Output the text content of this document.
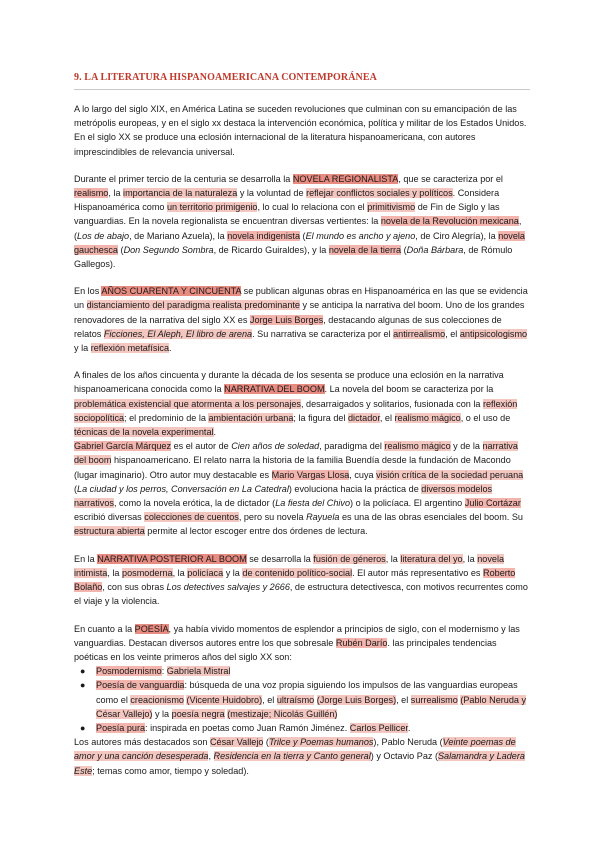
9. LA LITERATURA HISPANOAMERICANA CONTEMPORÁNEA

A lo largo del siglo XIX, en América Latina se suceden revoluciones que culminan con su emancipación de las metrópolis europeas, y en el siglo xx destaca la intervención económica, política y militar de los Estados Unidos. En el siglo XX se produce una eclosión internacional de la literatura hispanoamericana, con autores imprescindibles de relevancia universal.

Durante el primer tercio de la centuria se desarrolla la NOVELA REGIONALISTA, que se caracteriza por el realismo, la importancia de la naturaleza y la voluntad de reflejar conflictos sociales y políticos. Considera Hispanoamérica como un territorio primigenio, lo cual lo relaciona con el primitivismo de Fin de Siglo y las vanguardias. En la novela regionalista se encuentran diversas vertientes: la novela de la Revolución mexicana, (Los de abajo, de Mariano Azuela), la novela indigenista (El mundo es ancho y ajeno, de Ciro Alegría), la novela gauchesca (Don Segundo Sombra, de Ricardo Guiraldes), y la novela de la tierra (Doña Bárbara, de Rómulo Gallegos).

En los AÑOS CUARENTA Y CINCUENTA se publican algunas obras en Hispanoamérica en las que se evidencia un distanciamiento del paradigma realista predominante y se anticipa la narrativa del boom. Uno de los grandes renovadores de la narrativa del siglo XX es Jorge Luis Borges, destacando algunas de sus colecciones de relatos Ficciones, El Aleph, El libro de arena. Su narrativa se caracteriza por el antirrealismo, el antipsicologismo y la reflexión metafísica.

A finales de los años cincuenta y durante la década de los sesenta se produce una eclosión en la narrativa hispanoamericana conocida como la NARRATIVA DEL BOOM. La novela del boom se caracteriza por la problemática existencial que atormenta a los personajes, desarraigados y solitarios, fusionada con la reflexión sociopolítica; el predominio de la ambientación urbana; la figura del dictador, el realismo mágico, o el uso de técnicas de la novela experimental.
Gabriel García Márquez es el autor de Cien años de soledad, paradigma del realismo mágico y de la narrativa del boom hispanoamericano. El relato narra la historia de la familia Buendía desde la fundación de Macondo (lugar imaginario). Otro autor muy destacable es Mario Vargas Llosa, cuya visión crítica de la sociedad peruana (La ciudad y los perros, Conversación en La Catedral) evoluciona hacia la práctica de diversos modelos narrativos, como la novela erótica, la de dictador (La fiesta del Chivo) o la policíaca. El argentino Julio Cortázar escribió diversas colecciones de cuentos, pero su novela Rayuela es una de las obras esenciales del boom. Su estructura abierta permite al lector escoger entre dos órdenes de lectura.

En la NARRATIVA POSTERIOR AL BOOM se desarrolla la fusión de géneros, la literatura del yo, la novela intimista, la posmoderna, la policíaca y la de contenido político-social. El autor más representativo es Roberto Bolaño, con sus obras Los detectives salvajes y 2666, de estructura detectivesca, con motivos recurrentes como el viaje y la violencia.

En cuanto a la POESÍA, ya había vivido momentos de esplendor a principios de siglo, con el modernismo y las vanguardias. Destacan diversos autores entre los que sobresale Rubén Darío. las principales tendencias poéticas en los veinte primeros años del siglo XX son:

● Posmodernismo: Gabriela Mistral
● Poesía de vanguardia: búsqueda de una voz propia siguiendo los impulsos de las vanguardias europeas como el creacionismo (Vicente Huidobro), el ultraísmo (Jorge Luis Borges), el surrealismo (Pablo Neruda y César Vallejo) y la poesía negra (mestizaje; Nicolás Guillén)
● Poesía pura: inspirada en poetas como Juan Ramón Jiménez. Carlos Pellicer.

Los autores más destacados son César Vallejo (Trilce y Poemas humanos), Pablo Neruda (Veinte poemas de amor y una canción desesperada, Residencia en la tierra y Canto general) y Octavio Paz (Salamandra y Ladera Este; temas como amor, tiempo y soledad).
